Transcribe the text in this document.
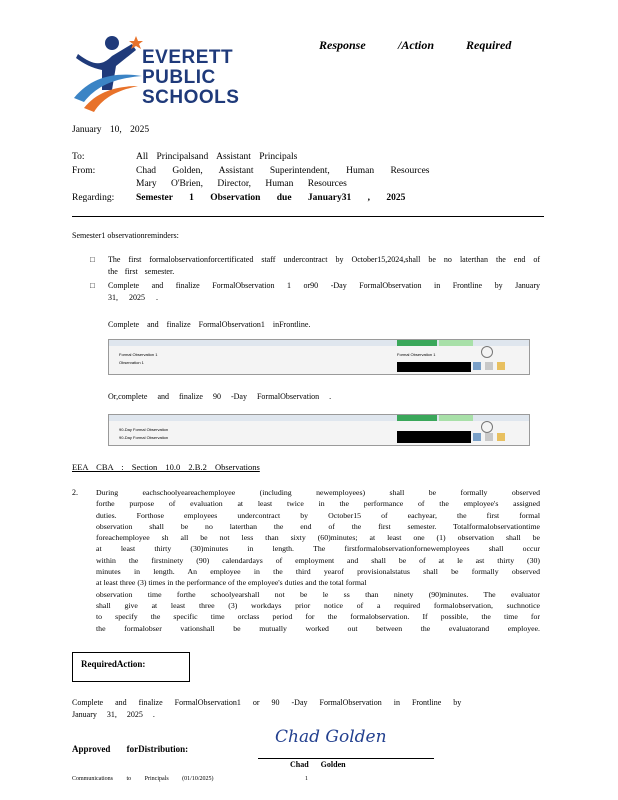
EVERETT
PUBLIC
SCHOOLS
Response	/Action	Required
January 10, 2025
To:	All Principalsand Assistant Principals
From:	Chad Golden, Assistant Superintendent, Human Resources
Mary O'Brien, Director, Human Resources
Regarding: Semester 1 Observation due January31 , 2025
Semester1 observationreminders:
□ The first formalobservationforcertificated staff undercontract by October15,2024,shall be no laterthan the end of the first semester.
□ Complete and finalize FormalObservation 1 or90 -Day FormalObservation in Frontline by January 31, 2025 .
Complete and finalize FormalObservation1 inFrontline.
Formal Observation 1
Observation 1
Formal Observation 1
Or,complete and finalize 90 -Day FormalObservation .
90-Day Formal Observation
90-Day Formal Observation
EEA CBA : Section 10.0 2.B.2 Observations
2. During eachschoolyeareachemployee (including newemployees) shall be formally observed
forthe purpose of evaluation at least twice in the performance of the employee's assigned
duties. Forthose employees undercontract by October15 of eachyear, the first formal
observation shall be no laterthan the end of the first semester. Totalformalobservationtime
foreachemployee sh all be not less than sixty (60)minutes; at least one (1) observation shall be
at least thirty (30)minutes in length. The firstformalobservationfornewemployees shall occur
within the firstninety (90) calendardays of employment and shall be of at le ast thirty (30)
minutes in length. An employee in the third yearof provisionalstatus shall be formally observed
at least three (3) times in the performance of the employee's duties and the total formal
observation time forthe schoolyearshall not be le ss than ninety (90)minutes. The evaluator
shall give at least three (3) workdays prior notice of a required formalobservation, suchnotice
to specify the specific time orclass period for the formalobservation. If possible, the time for
the formalobser vationshall be mutually worked out between the evaluatorand employee.
RequiredAction:
Complete and finalize FormalObservation1 or 90 -Day FormalObservation in Frontline by
January 31, 2025 .
Approved forDistribution:
Chad Golden
Chad Golden
Communications to Principals (01/10/2025)	1
